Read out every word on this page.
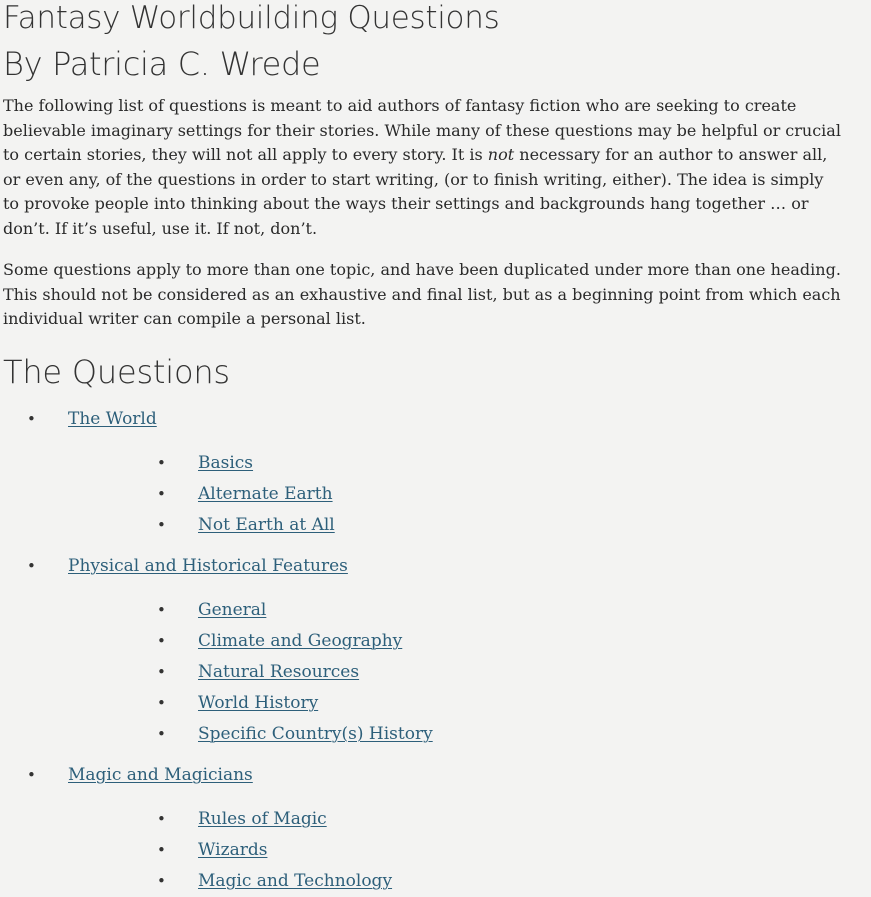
Fantasy Worldbuilding Questions
By Patricia C. Wrede

The following list of questions is meant to aid authors of fantasy fiction who are seeking to create believable imaginary settings for their stories. While many of these questions may be helpful or crucial to certain stories, they will not all apply to every story. It is not necessary for an author to answer all, or even any, of the questions in order to start writing, (or to finish writing, either). The idea is simply to provoke people into thinking about the ways their settings and backgrounds hang together … or don’t. If it’s useful, use it. If not, don’t.

Some questions apply to more than one topic, and have been duplicated under more than one heading. This should not be considered as an exhaustive and final list, but as a beginning point from which each individual writer can compile a personal list.

The Questions
• The World
• Basics
• Alternate Earth
• Not Earth at All
• Physical and Historical Features
• General
• Climate and Geography
• Natural Resources
• World History
• Specific Country(s) History
• Magic and Magicians
• Rules of Magic
• Wizards
• Magic and Technology
